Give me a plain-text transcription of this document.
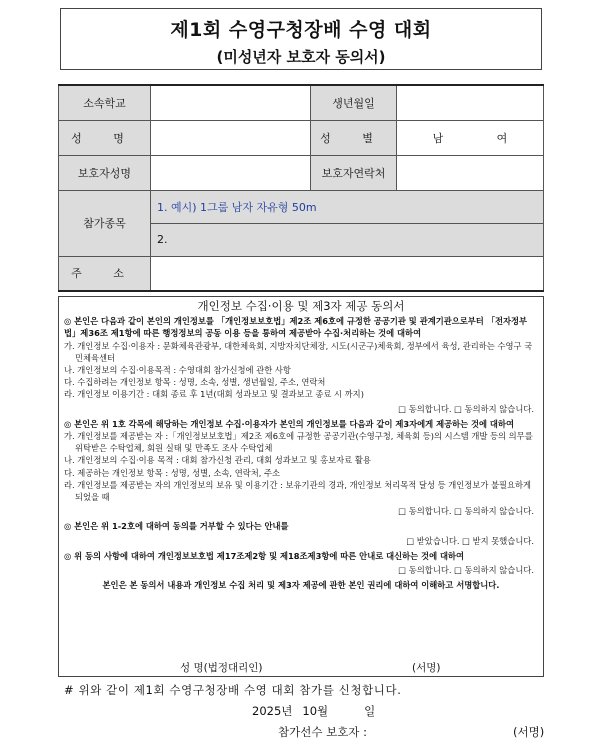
제1회 수영구청장배 수영 대회
(미성년자 보호자 동의서)
소속학교		생년월일	
성 명		성 별	남 여
보호자성명		보호자연락처	
참가종목	1. 예시) 1그룹 남자 자유형 50m		
	2.		
주 소			
개인정보 수집·이용 및 제3자 제공 동의서
◎ 본인은 다음과 같이 본인의 개인정보를 「개인정보보호법」제2조 제6호에 규정한 공공기관 및 관계기관으로부터 「전자정부법」제36조 제1항에 따른 행정정보의 공동 이용 등을 통하여 제공받아 수집·처리하는 것에 대하여
가. 개인정보 수집·이용자 : 문화체육관광부, 대한체육회, 지방자치단체장, 시도(시군구)체육회, 정부에서 육성, 관리하는 수영구 국민체육센터
나. 개인정보의 수집·이용목적 : 수영대회 참가신청에 관한 사항
다. 수집하려는 개인정보 항목 : 성명, 소속, 성별, 생년월일, 주소, 연락처
라. 개인정보 이용기간 : 대회 종료 후 1년(대회 성과보고 및 결과보고 종료 시 까지)
□ 동의합니다. □ 동의하지 않습니다.
◎ 본인은 위 1호 각목에 해당하는 개인정보 수집·이용자가 본인의 개인정보를 다음과 같이 제3자에게 제공하는 것에 대하여
가. 개인정보를 제공받는 자 :「개인정보보호법」제2조 제6호에 규정한 공공기관(수영구청, 체육회 등)의 시스템 개발 등의 의무를 위탁받은 수탁업체, 회원 실태 및 만족도 조사 수탁업체
나. 개인정보의 수집·이용 목적 : 대회 참가신청 관리, 대회 성과보고 및 홍보자료 활용
다. 제공하는 개인정보 항목 : 성명, 성별, 소속, 연락처, 주소
라. 개인정보를 제공받는 자의 개인정보의 보유 및 이용기간 : 보유기관의 경과, 개인정보 처리목적 달성 등 개인정보가 불필요하게 되었을 때
□ 동의합니다. □ 동의하지 않습니다.
◎ 본인은 위 1-2호에 대하여 동의를 거부할 수 있다는 안내를
□ 받았습니다. □ 받지 못했습니다.
◎ 위 동의 사항에 대하여 개인정보보호법 제17조제2항 및 제18조제3항에 따른 안내로 대신하는 것에 대하여
□ 동의합니다. □ 동의하지 않습니다.
본인은 본 동의서 내용과 개인정보 수집 처리 및 제3자 제공에 관한 본인 권리에 대하여 이해하고 서명합니다.
성 명(법정대리인)	(서명)
# 위와 같이 제1회 수영구청장배 수영 대회 참가를 신청합니다.
2025년 10월	일
참가선수 보호자 :	(서명)
